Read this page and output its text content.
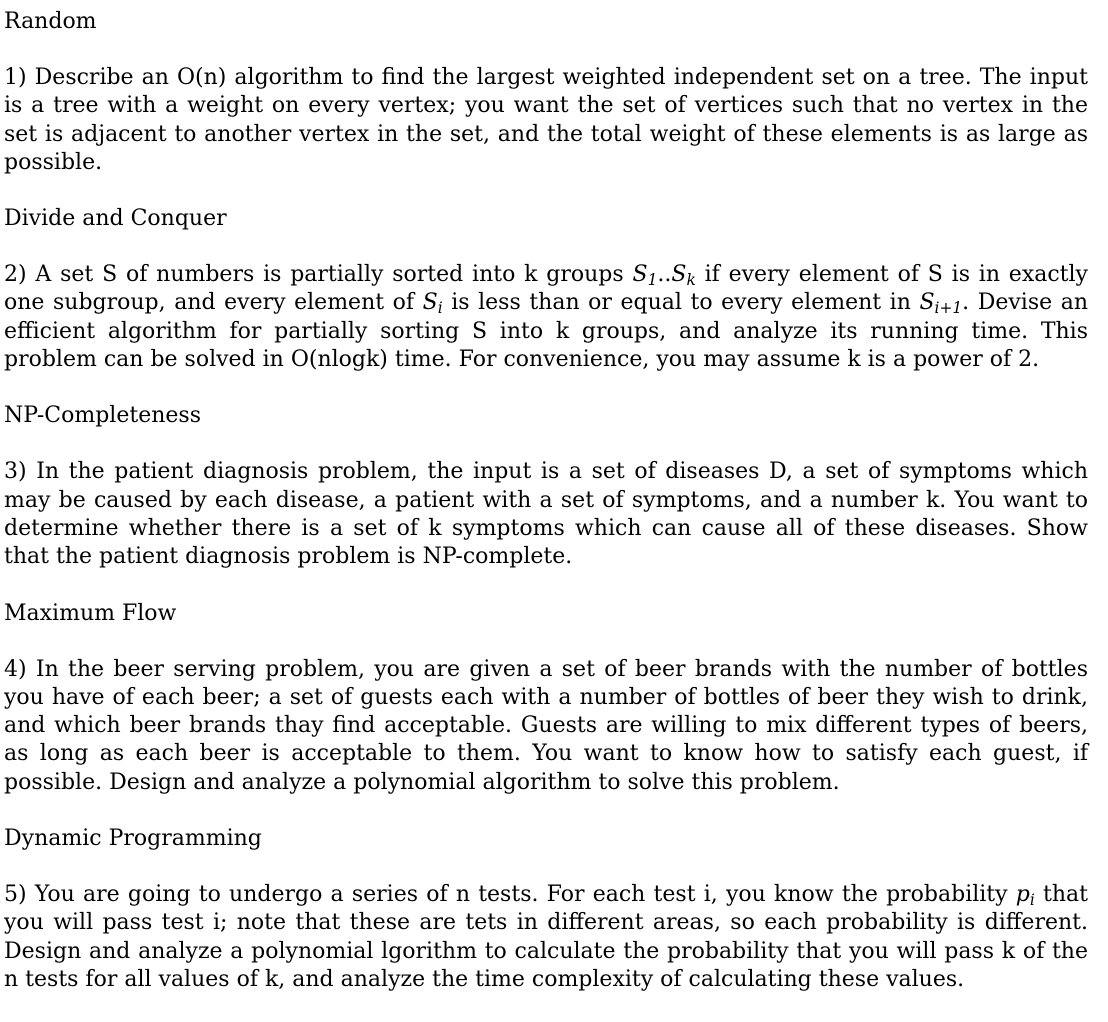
Random

1) Describe an O(n) algorithm to find the largest weighted independent set on a tree. The input is a tree with a weight on every vertex; you want the set of vertices such that no vertex in the set is adjacent to another vertex in the set, and the total weight of these elements is as large as possible.

Divide and Conquer

2) A set S of numbers is partially sorted into k groups $S_1..S_k$ if every element of S is in exactly one subgroup, and every element of $S_i$ is less than or equal to every element in $S_{i+1}$. Devise an efficient algorithm for partially sorting S into k groups, and analyze its running time. This problem can be solved in O(nlogk) time. For convenience, you may assume k is a power of 2.

NP-Completeness

3) In the patient diagnosis problem, the input is a set of diseases D, a set of symptoms which may be caused by each disease, a patient with a set of symptoms, and a number k. You want to determine whether there is a set of k symptoms which can cause all of these diseases. Show that the patient diagnosis problem is NP-complete.

Maximum Flow

4) In the beer serving problem, you are given a set of beer brands with the number of bottles you have of each beer; a set of guests each with a number of bottles of beer they wish to drink, and which beer brands thay find acceptable. Guests are willing to mix different types of beers, as long as each beer is acceptable to them. You want to know how to satisfy each guest, if possible. Design and analyze a polynomial algorithm to solve this problem.

Dynamic Programming

5) You are going to undergo a series of n tests. For each test i, you know the probability $p_i$ that you will pass test i; note that these are tets in different areas, so each probability is different. Design and analyze a polynomial lgorithm to calculate the probability that you will pass k of the n tests for all values of k, and analyze the time complexity of calculating these values.
